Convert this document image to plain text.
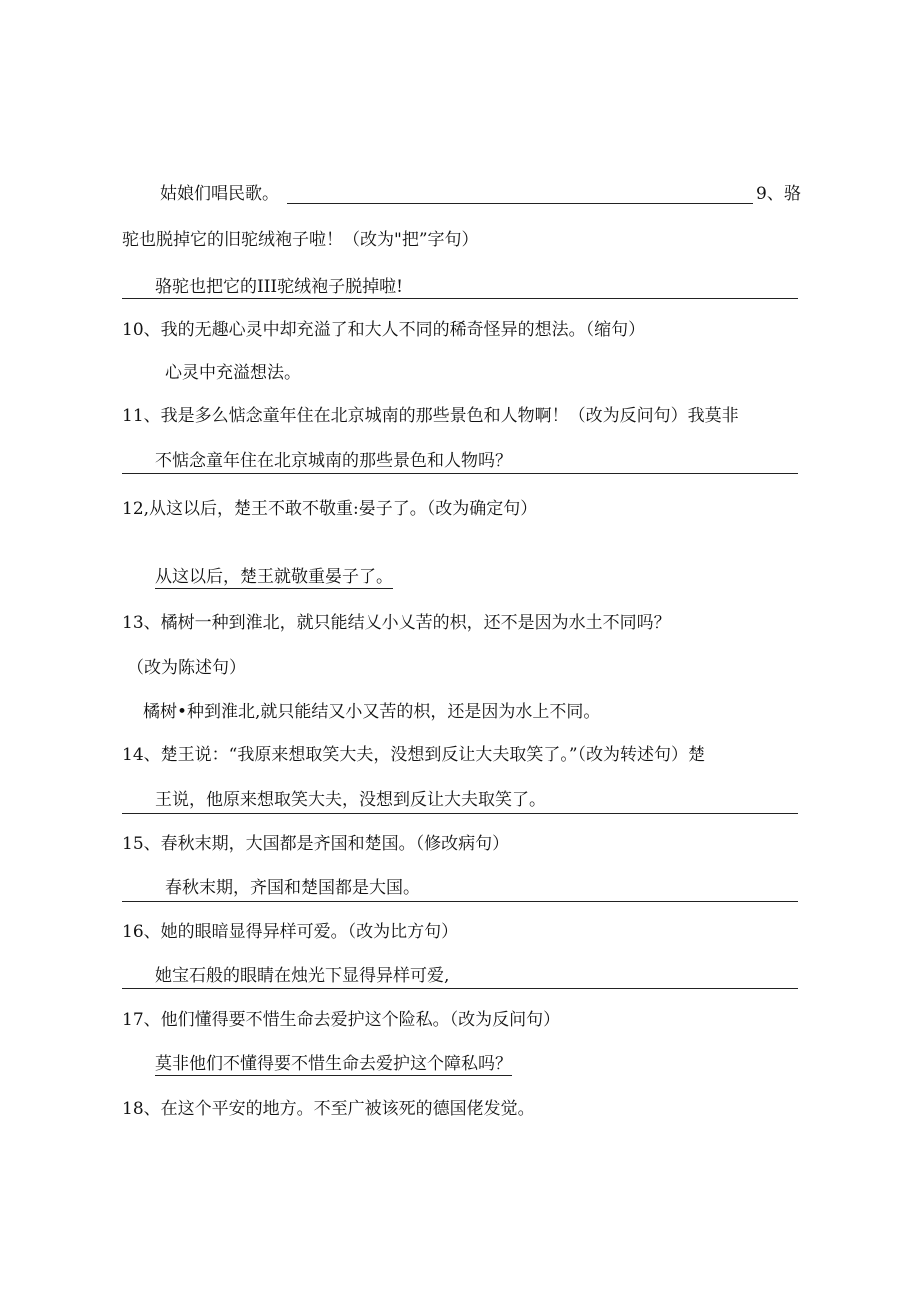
姑娘们唱民歌。	9、骆
驼也脱掉它的旧驼绒袍子啦！（改为"把”字句）
骆驼也把它的III驼绒袍子脱掉啦!
10、我的无趣心灵中却充溢了和大人不同的稀奇怪异的想法。（缩句）
心灵中充溢想法。
11、我是多么惦念童年住在北京城南的那些景色和人物啊！（改为反问句）我莫非
不惦念童年住在北京城南的那些景色和人物吗？
12,从这以后，楚王不敢不敬重:晏子了。（改为确定句）
从这以后，楚王就敬重晏子了。
13、橘树一种到淮北，就只能结乂小乂苦的枳，还不是因为水土不同吗？
（改为陈述句）
橘树•种到淮北,就只能结又小又苦的枳，还是因为水上不同。
14、楚王说：“我原来想取笑大夫，没想到反让大夫取笑了。”（改为转述句）楚
王说，他原来想取笑大夫，没想到反让大夫取笑了。
15、春秋末期，大国都是齐国和楚国。（修改病句）
春秋末期，齐国和楚国都是大国。
16、她的眼暗显得异样可爱。（改为比方句）
她宝石般的眼睛在烛光下显得异样可爱,
17、他们懂得要不惜生命去爱护这个险私。（改为反问句）
莫非他们不懂得要不惜生命去爱护这个障私吗？
18、在这个平安的地方。不至广被该死的德国佬发觉。
